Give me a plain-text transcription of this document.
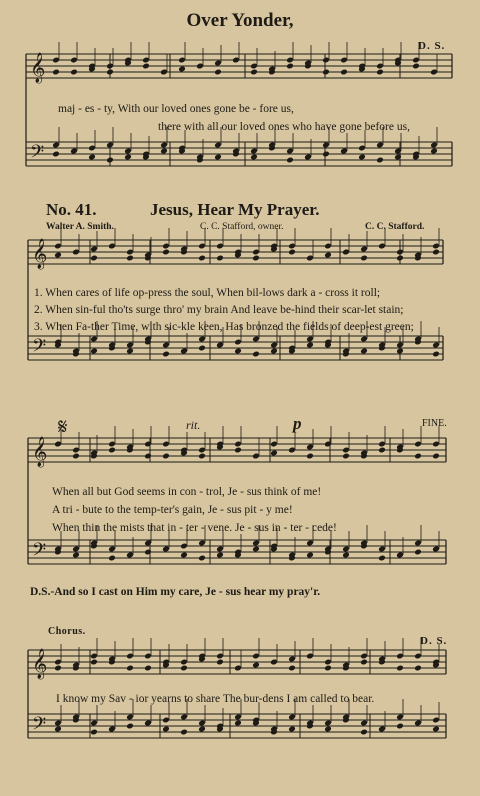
𝄞
𝄢
𝄞
𝄢
𝄞
𝄢
𝄞
𝄢
Over Yonder,
D. S.
maj - es - ty, With our loved ones gone be - fore us,
there with all our loved ones who have gone before us,
No. 41.	Jesus, Hear My Prayer.
Walter A. Smith.	C. C. Stafford, owner.	C. C. Stafford.
1. When cares of life op-press the soul, When bil-lows dark a - cross it roll;
2. When sin-ful tho'ts surge thro' my brain And leave be-hind their scar-let stain;
3. When Fa-ther Time, with sic-kle keen, Has bronzed the fields of deep-est green;
𝄋	rit.	p	FINE.
When all but God seems in con - trol, Je - sus think of me!
A tri - bute to the temp-ter's gain, Je - sus pit - y me!
When thin the mists that in - ter - vene. Je - sus in - ter - cede!
D.S.-And so I cast on Him my care, Je - sus hear my pray'r.
Chorus.
D. S.
I know my Sav - ior yearns to share The bur-dens I am called to bear.
